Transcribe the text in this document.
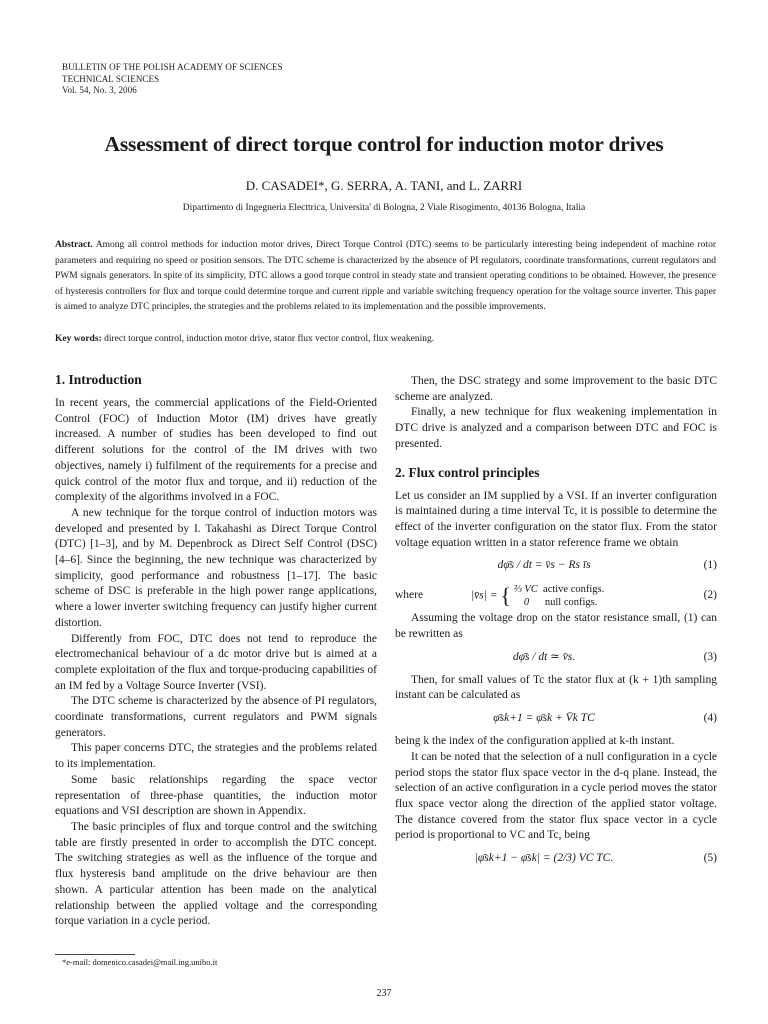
BULLETIN OF THE POLISH ACADEMY OF SCIENCES
TECHNICAL SCIENCES
Vol. 54, No. 3, 2006
Assessment of direct torque control for induction motor drives
D. CASADEI*, G. SERRA, A. TANI, and L. ZARRI
Dipartimento di Ingegneria Electtrica, Universita' di Bologna, 2 Viale Risogimento, 40136 Bologna, Italia
Abstract. Among all control methods for induction motor drives, Direct Torque Control (DTC) seems to be particularly interesting being independent of machine rotor parameters and requiring no speed or position sensors. The DTC scheme is characterized by the absence of PI regulators, coordinate transformations, current regulators and PWM signals generators. In spite of its simplicity, DTC allows a good torque control in steady state and transient operating conditions to be obtained. However, the presence of hysteresis controllers for flux and torque could determine torque and current ripple and variable switching frequency operation for the voltage source inverter. This paper is aimed to analyze DTC principles, the strategies and the problems related to its implementation and the possible improvements.
Key words: direct torque control, induction motor drive, stator flux vector control, flux weakening.
1. Introduction

In recent years, the commercial applications of the Field-Oriented Control (FOC) of Induction Motor (IM) drives have greatly increased. A number of studies has been developed to find out different solutions for the control of the IM drives with two objectives, namely i) fulfilment of the requirements for a precise and quick control of the motor flux and torque, and ii) reduction of the complexity of the algorithms involved in a FOC.

A new technique for the torque control of induction motors was developed and presented by I. Takahashi as Direct Torque Control (DTC) [1–3], and by M. Depenbrock as Direct Self Control (DSC) [4–6]. Since the beginning, the new technique was characterized by simplicity, good performance and robustness [1–17]. The basic scheme of DSC is preferable in the high power range applications, where a lower inverter switching frequency can justify higher current distortion.

Differently from FOC, DTC does not tend to reproduce the electromechanical behaviour of a dc motor drive but is aimed at a complete exploitation of the flux and torque-producing capabilities of an IM fed by a Voltage Source Inverter (VSI).

The DTC scheme is characterized by the absence of PI regulators, coordinate transformations, current regulators and PWM signals generators.

This paper concerns DTC, the strategies and the problems related to its implementation.

Some basic relationships regarding the space vector representation of three-phase quantities, the induction motor equations and VSI description are shown in Appendix.

The basic principles of flux and torque control and the switching table are firstly presented in order to accomplish the DTC concept. The switching strategies as well as the influence of the torque and flux hysteresis band amplitude on the drive behaviour are then shown. A particular attention has been made on the analytical relationship between the applied voltage and the corresponding torque variation in a cycle period.

Then, the DSC strategy and some improvement to the basic DTC scheme are analyzed.

Finally, a new technique for flux weakening implementation in DTC drive is analyzed and a comparison between DTC and FOC is presented.

2. Flux control principles

Let us consider an IM supplied by a VSI. If an inverter configuration is maintained during a time interval Tc, it is possible to determine the effect of the inverter configuration on the stator flux. From the stator voltage equation written in a stator reference frame we obtain

dφ̄s / dt = v̄s − Rs īs	(1)
where	|v̄s| = { ⅔ VC active configs.
0 null configs.
(2)

Assuming the voltage drop on the stator resistance small, (1) can be rewritten as

dφ̄s / dt ≃ v̄s.	(3)

Then, for small values of Tc the stator flux at (k + 1)th sampling instant can be calculated as

φ̄sk+1 = φ̄sk + V̄k TC	(4)

being k the index of the configuration applied at k-th instant.

It can be noted that the selection of a null configuration in a cycle period stops the stator flux space vector in the d-q plane. Instead, the selection of an active configuration in a cycle period moves the stator flux space vector along the direction of the applied stator voltage. The distance covered from the stator flux space vector in a cycle period is proportional to VC and Tc, being

|φ̄sk+1 − φ̄sk| = (2/3) VC TC.	(5)
*e-mail: domenico.casadei@mail.ing.unibo.it
237
